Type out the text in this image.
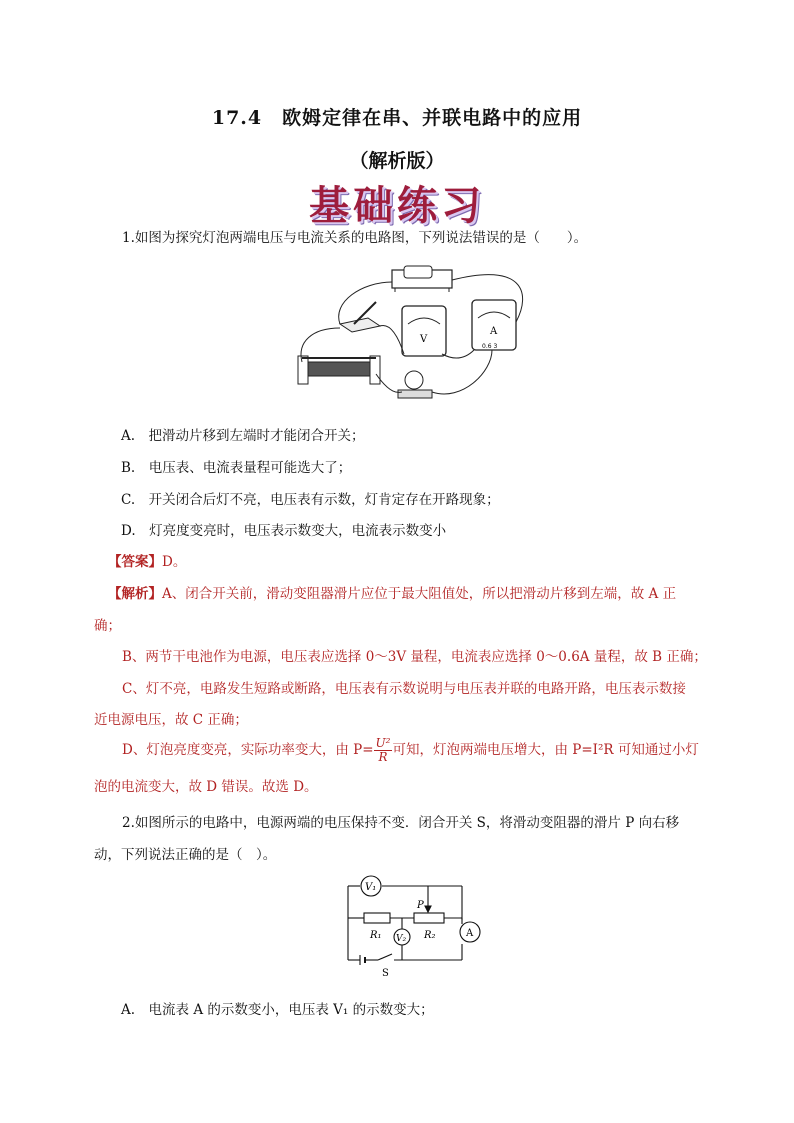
17.4　欧姆定律在串、并联电路中的应用
（解析版）
基础练习
1.如图为探究灯泡两端电压与电流关系的电路图，下列说法错误的是（　　）。
V
A
0.6 3
A.　把滑动片移到左端时才能闭合开关；
B.　电压表、电流表量程可能选大了；
C.　开关闭合后灯不亮，电压表有示数，灯肯定存在开路现象；
D.　灯亮度变亮时，电压表示数变大，电流表示数变小
【答案】D。
【解析】A、闭合开关前，滑动变阻器滑片应位于最大阻值处，所以把滑动片移到左端，故 A 正
确；
B、两节干电池作为电源，电压表应选择 0～3V 量程，电流表应选择 0～0.6A 量程，故 B 正确；
C、灯不亮，电路发生短路或断路，电压表有示数说明与电压表并联的电路开路，电压表示数接
近电源电压，故 C 正确；
D、灯泡亮度变亮，实际功率变大，由 $P= \frac{\text{U²}}{R}$ 可知，灯泡两端电压增大，由 P=I²R 可知通过小灯
泡的电流变大，故 D 错误。故选 D。
2.如图所示的电路中，电源两端的电压保持不变．闭合开关 S，将滑动变阻器的滑片 P 向右移
动，下列说法正确的是（　）。
V₁
V₂	A
R₁	R₂
P
S
A.　电流表 A 的示数变小，电压表 V₁ 的示数变大；
